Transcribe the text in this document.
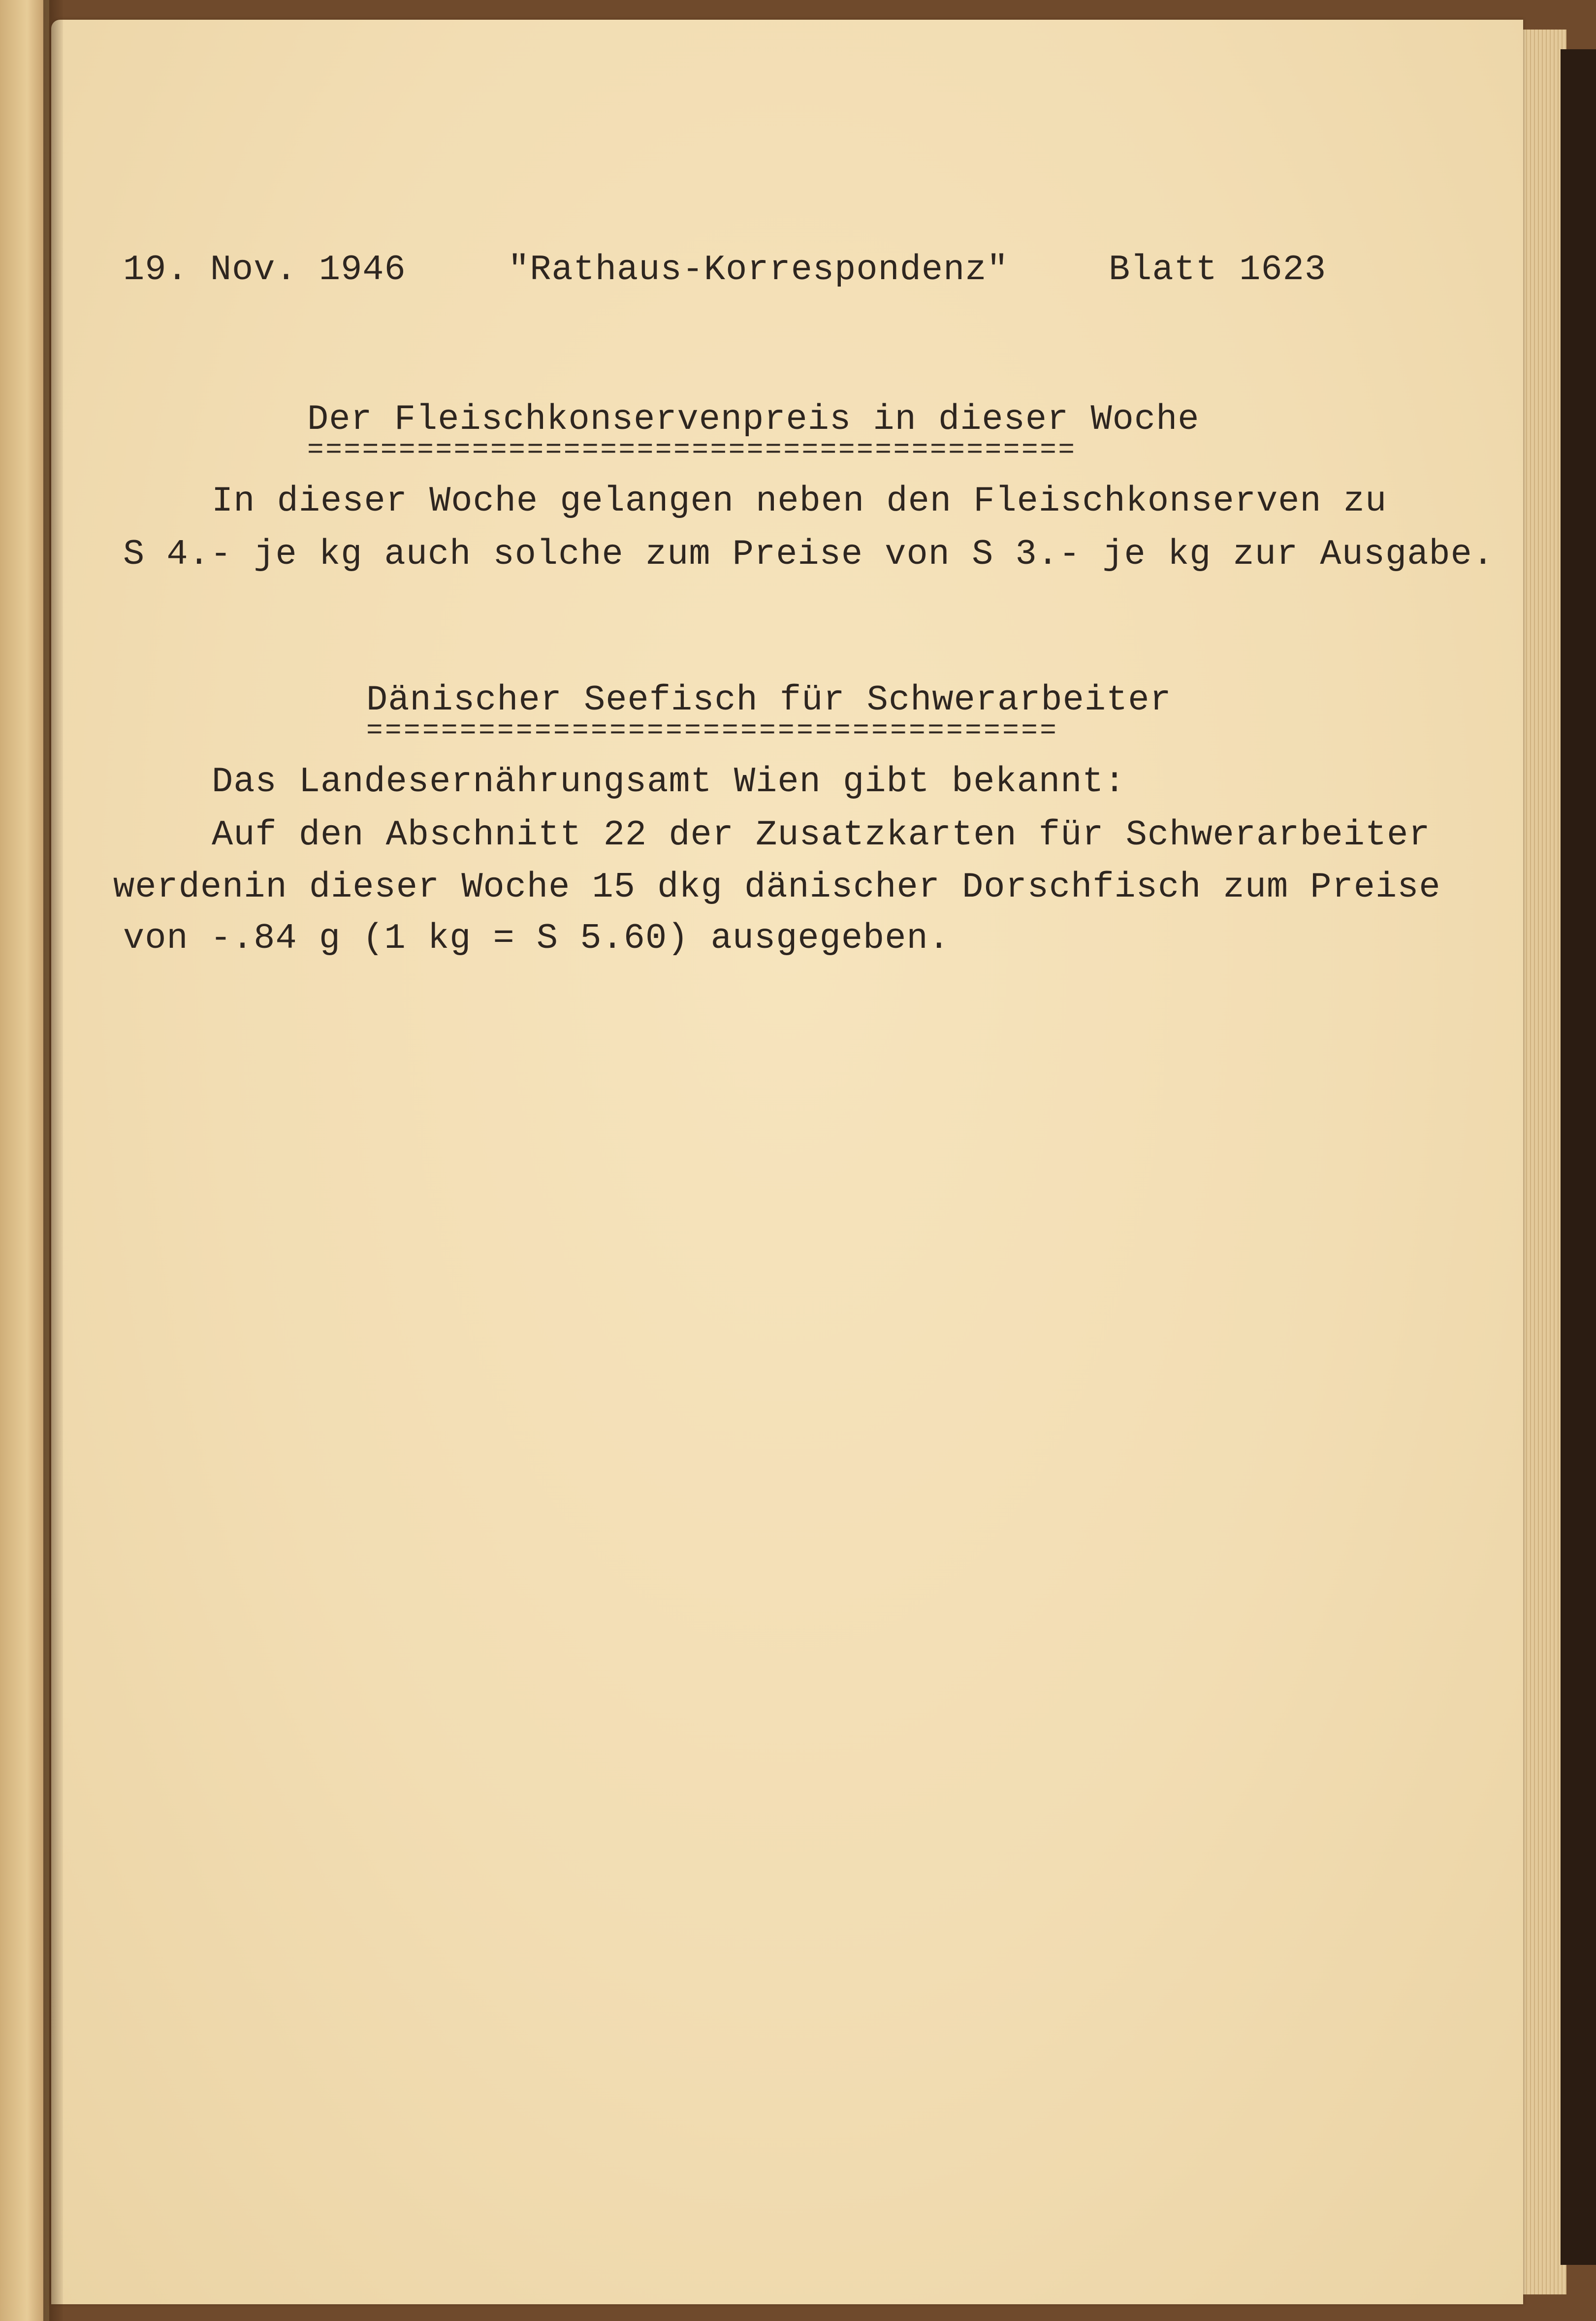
19. Nov. 1946	"Rathaus-Korrespondenz"	Blatt 1623

Der Fleischkonservenpreis in dieser Woche

==========================================

In dieser Woche gelangen neben den Fleischkonserven zu

S 4.- je kg auch solche zum Preise von S 3.- je kg zur Ausgabe.

Dänischer Seefisch für Schwerarbeiter

=====================================

Das Landesernährungsamt Wien gibt bekannt:

Auf den Abschnitt 22 der Zusatzkarten für Schwerarbeiter

werdenin dieser Woche 15 dkg dänischer Dorschfisch zum Preise

von -.84 g (1 kg = S 5.60) ausgegeben.
